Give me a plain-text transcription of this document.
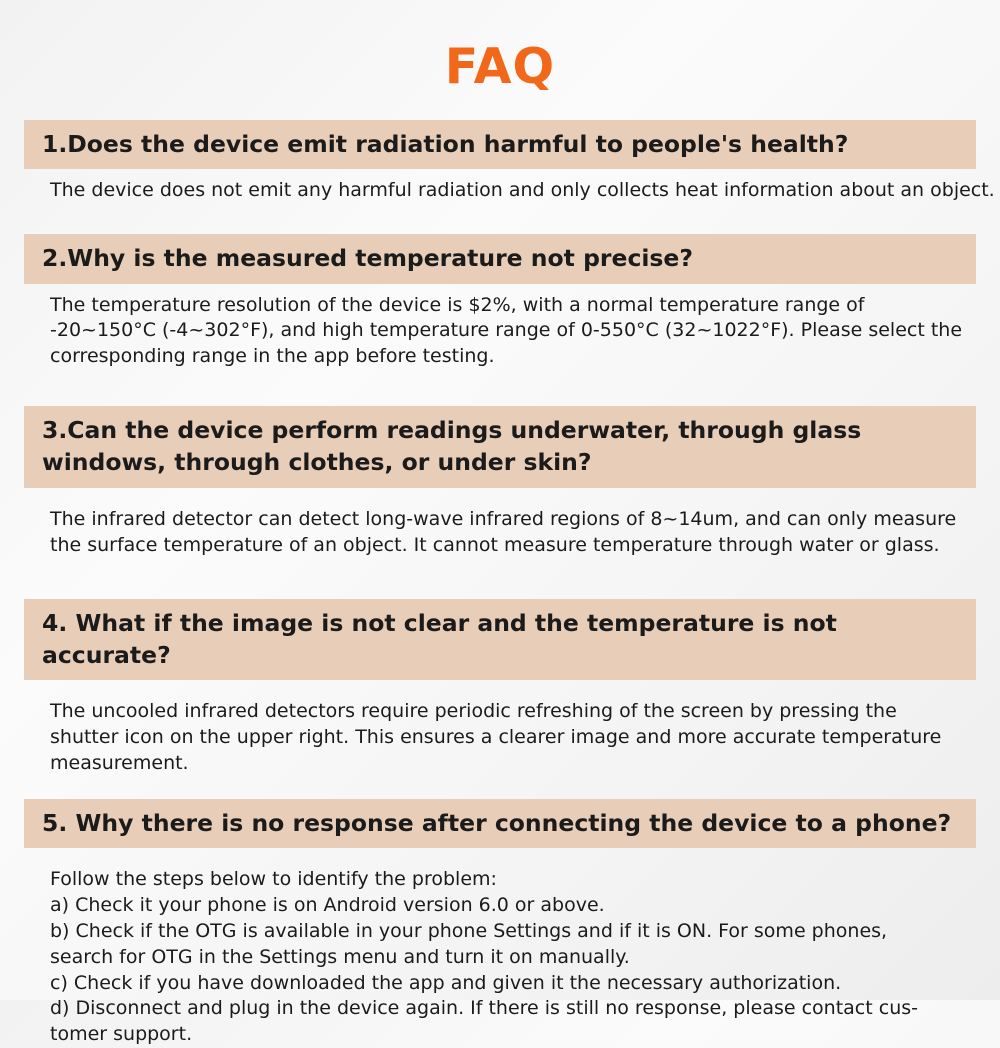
FAQ
1.Does the device emit radiation harmful to people's health?
The device does not emit any harmful radiation and only collects heat information about an object.
2.Why is the measured temperature not precise?
The temperature resolution of the device is $2%, with a normal temperature range of
-20~150°C (-4~302°F), and high temperature range of 0-550°C (32~1022°F). Please select the
corresponding range in the app before testing.
3.Can the device perform readings underwater, through glass windows, through clothes, or under skin?
The infrared detector can detect long-wave infrared regions of 8~14um, and can only measure
the surface temperature of an object. It cannot measure temperature through water or glass.
4. What if the image is not clear and the temperature is not accurate?
The uncooled infrared detectors require periodic refreshing of the screen by pressing the
shutter icon on the upper right. This ensures a clearer image and more accurate temperature
measurement.
5. Why there is no response after connecting the device to a phone?
Follow the steps below to identify the problem:
a) Check it your phone is on Android version 6.0 or above.
b) Check if the OTG is available in your phone Settings and if it is ON. For some phones,
search for OTG in the Settings menu and turn it on manually.
c) Check if you have downloaded the app and given it the necessary authorization.
d) Disconnect and plug in the device again. If there is still no response, please contact cus-
tomer support.
